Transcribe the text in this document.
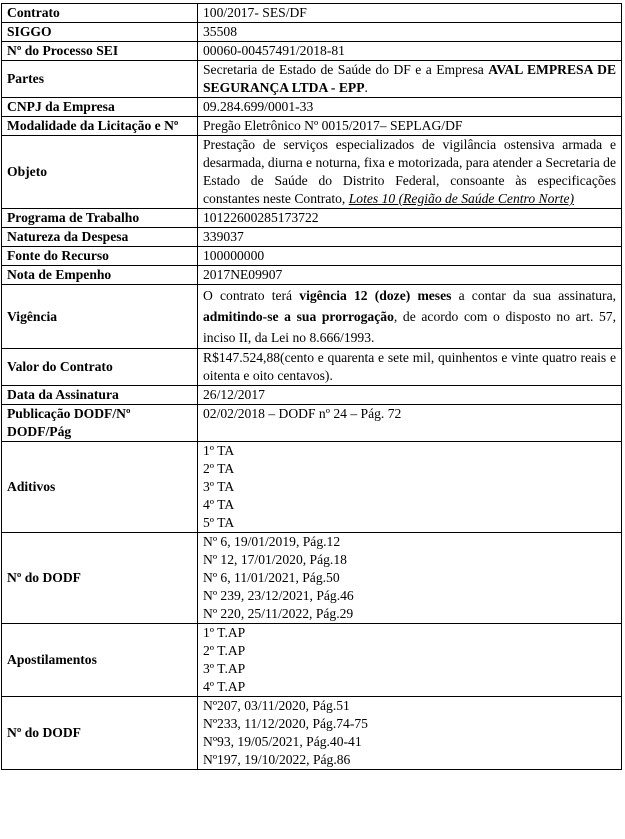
Contrato	100/2017- SES/DF
SIGGO	35508
Nº do Processo SEI	00060-00457491/2018-81
Partes	Secretaria de Estado de Saúde do DF e a Empresa AVAL EMPRESA DE SEGURANÇA LTDA - EPP.
CNPJ da Empresa	09.284.699/0001-33
Modalidade da Licitação e Nº	Pregão Eletrônico Nº 0015/2017– SEPLAG/DF
Objeto	Prestação de serviços especializados de vigilância ostensiva armada e desarmada, diurna e noturna, fixa e motorizada, para atender a Secretaria de Estado de Saúde do Distrito Federal, consoante às especificações constantes neste Contrato, Lotes 10 (Região de Saúde Centro Norte)
Programa de Trabalho	10122600285173722
Natureza da Despesa	339037
Fonte do Recurso	100000000
Nota de Empenho	2017NE09907
Vigência	O contrato terá vigência 12 (doze) meses a contar da sua assinatura, admitindo-se a sua prorrogação, de acordo com o disposto no art. 57, inciso II, da Lei no 8.666/1993.
Valor do Contrato	R$147.524,88(cento e quarenta e sete mil, quinhentos e vinte quatro reais e oitenta e oito centavos).
Data da Assinatura	26/12/2017
Publicação DODF/Nº DODF/Pág	02/02/2018 – DODF nº 24 – Pág. 72
Aditivos	1º TA
2º TA
3º TA
4º TA
5º TA

Nº do DODF	Nº 6, 19/01/2019, Pág.12
Nº 12, 17/01/2020, Pág.18
Nº 6, 11/01/2021, Pág.50
Nº 239, 23/12/2021, Pág.46
Nº 220, 25/11/2022, Pág.29

Apostilamentos	1º T.AP
2º T.AP
3º T.AP
4º T.AP

Nº do DODF	Nº207, 03/11/2020, Pág.51
Nº233, 11/12/2020, Pág.74-75
Nº93, 19/05/2021, Pág.40-41
Nº197, 19/10/2022, Pág.86
